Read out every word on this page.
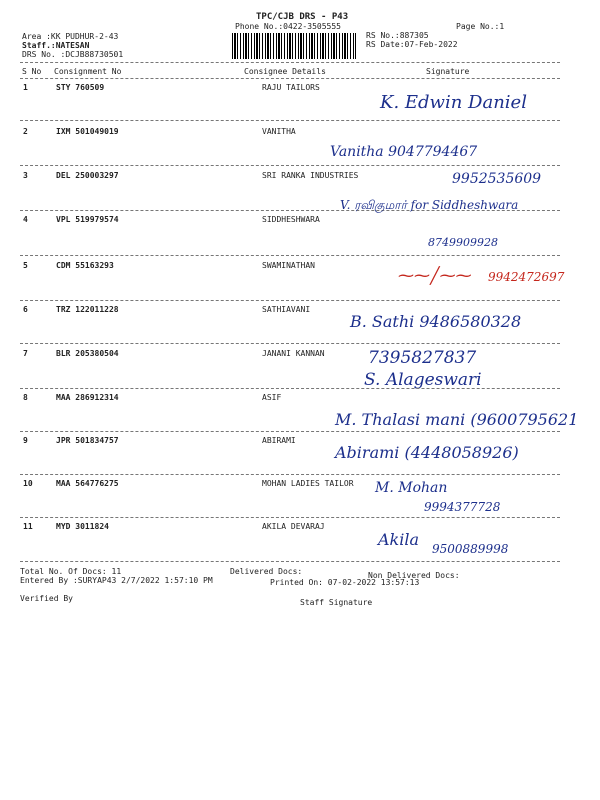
TPC/CJB DRS - P43
Phone No.:0422-3505555	Page No.:1
Area :KK PUDHUR-2-43	RS No.:887305
Staff.:NATESAN	RS Date:07-Feb-2022
DRS No. :DCJB88730501
S No Consignment No	Consignee Details	Signature
1	STY 760509	RAJU TAILORS
K. Edwin Daniel
2	IXM 501049019	VANITHA
Vanitha 9047794467
3	DEL 250003297	SRI RANKA INDUSTRIES	9952535609
4	VPL 519979574	SIDDHESHWARA
V. ரவிகுமார் for Siddheshwara
8749909928
5	CDM 55163293	SWAMINATHAN
⁓⁓╱⁓⁓ 9942472697
6	TRZ 122011228	SATHIAVANI
B. Sathi 9486580328
7	BLR 205380504	JANANI KANNAN	7395827837
S. Alageswari
8	MAA 286912314	ASIF
M. Thalasi mani (9600795621
9	JPR 501834757	ABIRAMI
Abirami (4448058926)
10	MAA 564776275	MOHAN LADIES TAILOR M. Mohan
9994377728
11	MYD 3011824	AKILA DEVARAJ
Akila 9500889998
Total No. Of Docs: 11	Delivered Docs:	Non Delivered Docs:
Entered By :SURYAP43 2/7/2022 1:57:10 PM	Printed On: 07-02-2022 13:57:13
Verified By	Staff Signature
